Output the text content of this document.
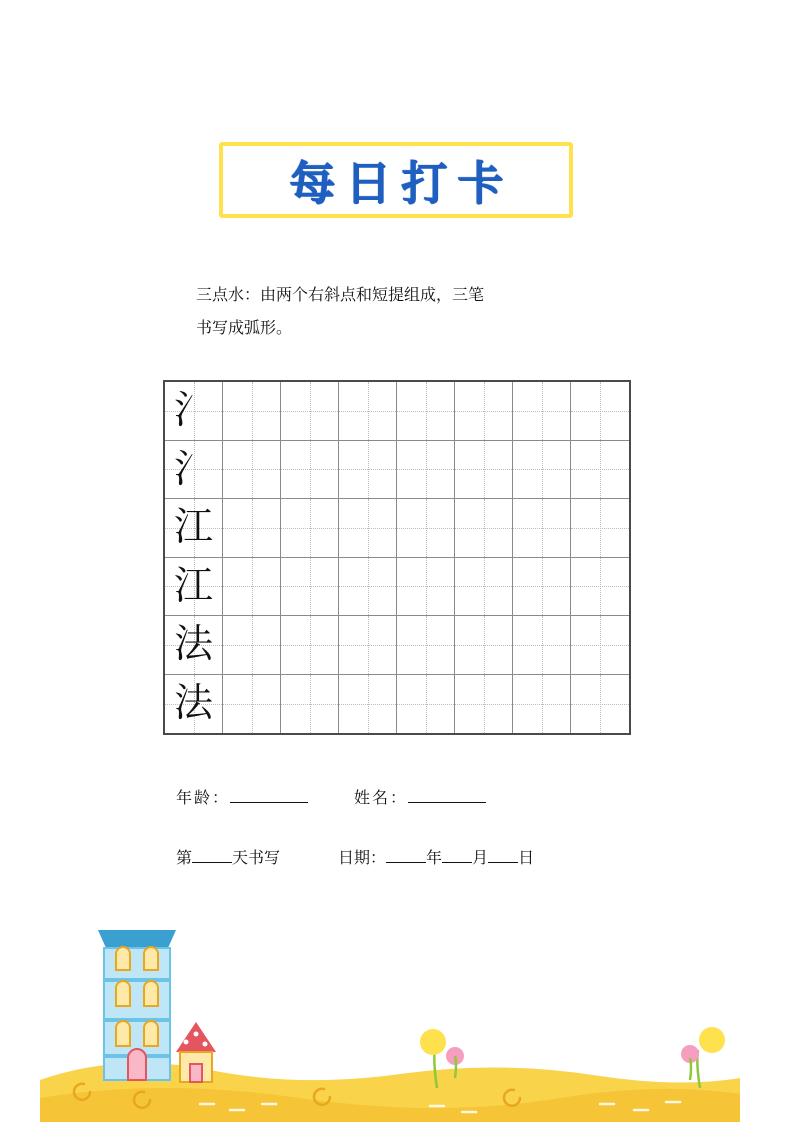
每日打卡
三点水：由两个右斜点和短提组成，三笔
书写成弧形。
氵
氵
江
江
法
法
年龄：	姓名：
第	天书写	日期：	年 月 日
